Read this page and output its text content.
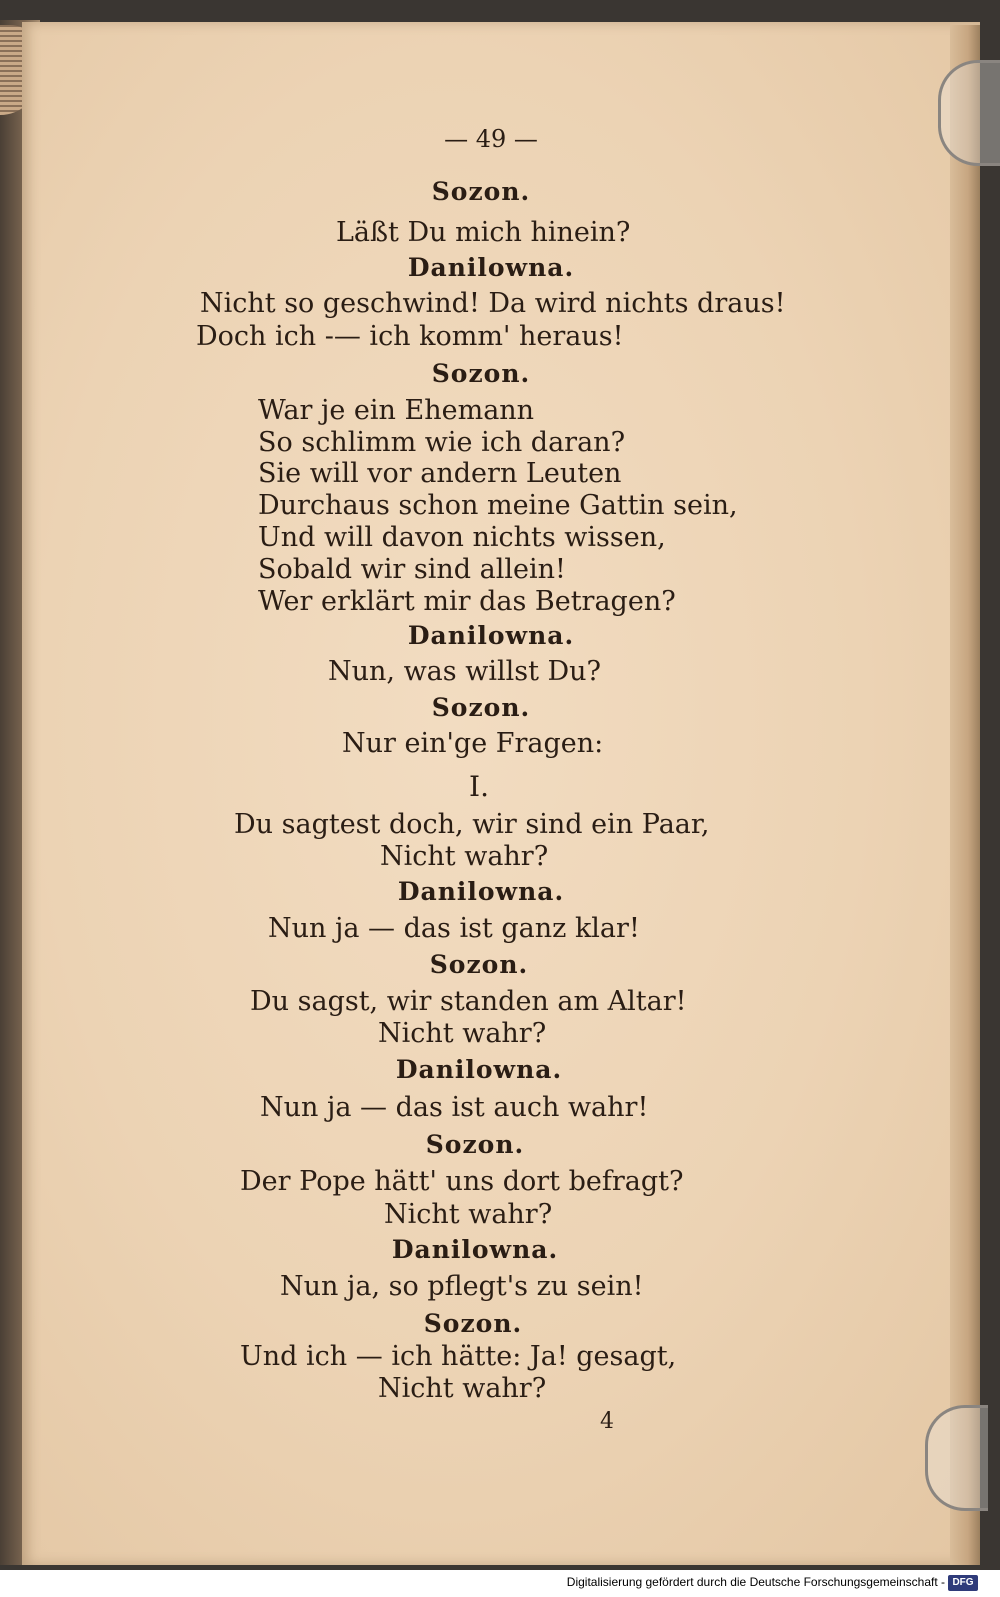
— 49 —
Sozon.
Läßt Du mich hinein?
Danilowna.
Nicht so geschwind! Da wird nichts draus!
Doch ich -— ich komm' heraus!
Sozon.
War je ein Ehemann
So schlimm wie ich daran?
Sie will vor andern Leuten
Durchaus schon meine Gattin sein,
Und will davon nichts wissen,
Sobald wir sind allein!
Wer erklärt mir das Betragen?
Danilowna.
Nun, was willst Du?
Sozon.
Nur ein'ge Fragen:
I.
Du sagtest doch, wir sind ein Paar,
Nicht wahr?
Danilowna.
Nun ja — das ist ganz klar!
Sozon.
Du sagst, wir standen am Altar!
Nicht wahr?
Danilowna.
Nun ja — das ist auch wahr!
Sozon.
Der Pope hätt' uns dort befragt?
Nicht wahr?
Danilowna.
Nun ja, so pflegt's zu sein!
Sozon.
Und ich — ich hätte: Ja! gesagt,
Nicht wahr?
4
Digitalisierung gefördert durch die Deutsche Forschungsgemeinschaft - DFG
